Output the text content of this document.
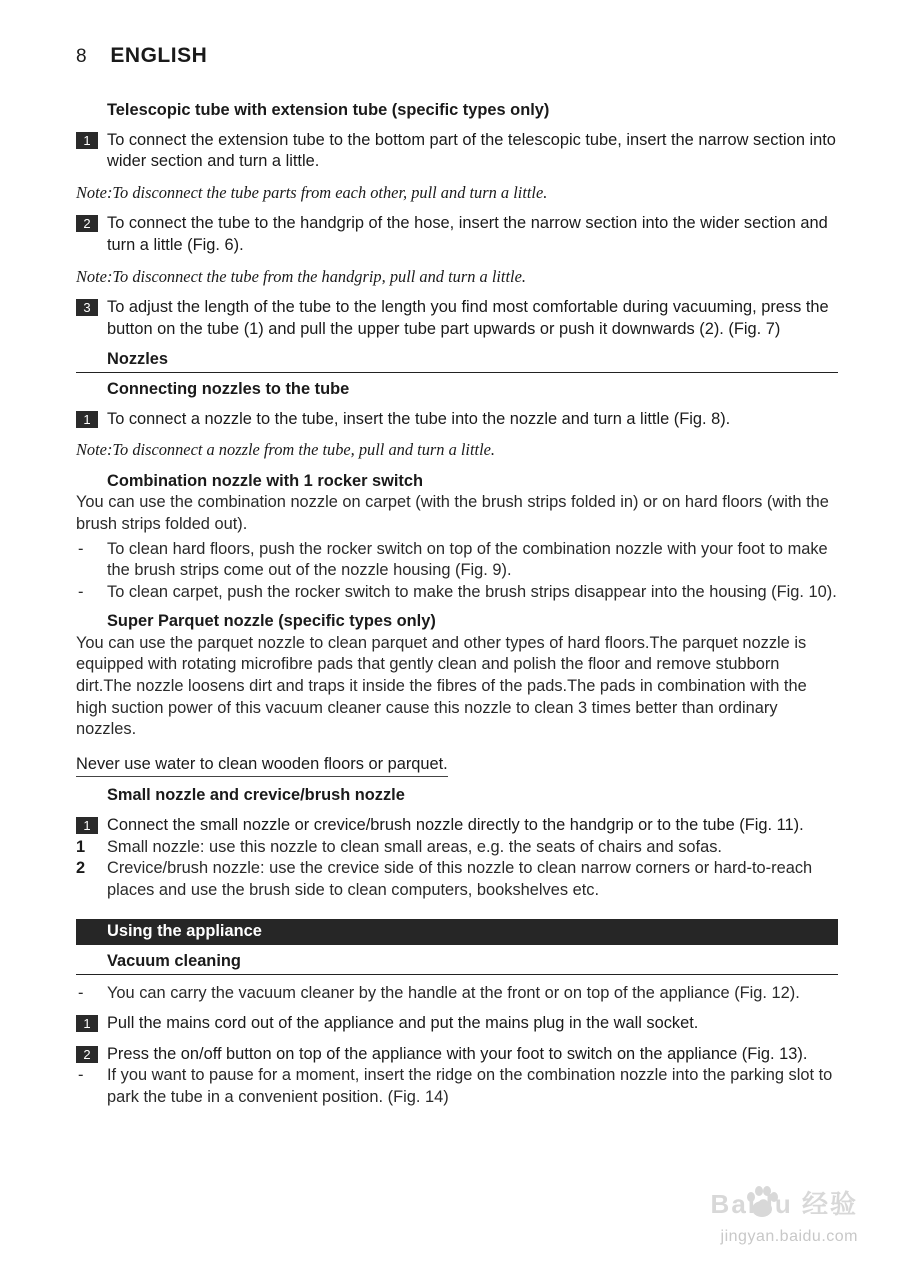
8 ENGLISH
Telescopic tube with extension tube (specific types only)
1 To connect the extension tube to the bottom part of the telescopic tube, insert the narrow section into wider section and turn a little.
Note:To disconnect the tube parts from each other, pull and turn a little.
2 To connect the tube to the handgrip of the hose, insert the narrow section into the wider section and turn a little (Fig. 6).
Note:To disconnect the tube from the handgrip, pull and turn a little.
3 To adjust the length of the tube to the length you find most comfortable during vacuuming, press the button on the tube (1) and pull the upper tube part upwards or push it downwards (2). (Fig. 7)
Nozzles
Connecting nozzles to the tube
1 To connect a nozzle to the tube, insert the tube into the nozzle and turn a little (Fig. 8).
Note:To disconnect a nozzle from the tube, pull and turn a little.
Combination nozzle with 1 rocker switch
You can use the combination nozzle on carpet (with the brush strips folded in) or on hard floors (with the brush strips folded out).
- To clean hard floors, push the rocker switch on top of the combination nozzle with your foot to make the brush strips come out of the nozzle housing (Fig. 9).
- To clean carpet, push the rocker switch to make the brush strips disappear into the housing (Fig. 10).
Super Parquet nozzle (specific types only)
You can use the parquet nozzle to clean parquet and other types of hard floors.The parquet nozzle is equipped with rotating microfibre pads that gently clean and polish the floor and remove stubborn dirt.The nozzle loosens dirt and traps it inside the fibres of the pads.The pads in combination with the high suction power of this vacuum cleaner cause this nozzle to clean 3 times better than ordinary nozzles.
Never use water to clean wooden floors or parquet.
Small nozzle and crevice/brush nozzle
1 Connect the small nozzle or crevice/brush nozzle directly to the handgrip or to the tube (Fig. 11).
1 Small nozzle: use this nozzle to clean small areas, e.g. the seats of chairs and sofas.
2 Crevice/brush nozzle: use the crevice side of this nozzle to clean narrow corners or hard-to-reach places and use the brush side to clean computers, bookshelves etc.
Using the appliance
Vacuum cleaning
- You can carry the vacuum cleaner by the handle at the front or on top of the appliance (Fig. 12).
1 Pull the mains cord out of the appliance and put the mains plug in the wall socket.
2 Press the on/off button on top of the appliance with your foot to switch on the appliance (Fig. 13).
- If you want to pause for a moment, insert the ridge on the combination nozzle into the parking slot to park the tube in a convenient position. (Fig. 14)
Baidu 经验
jingyan.baidu.com
